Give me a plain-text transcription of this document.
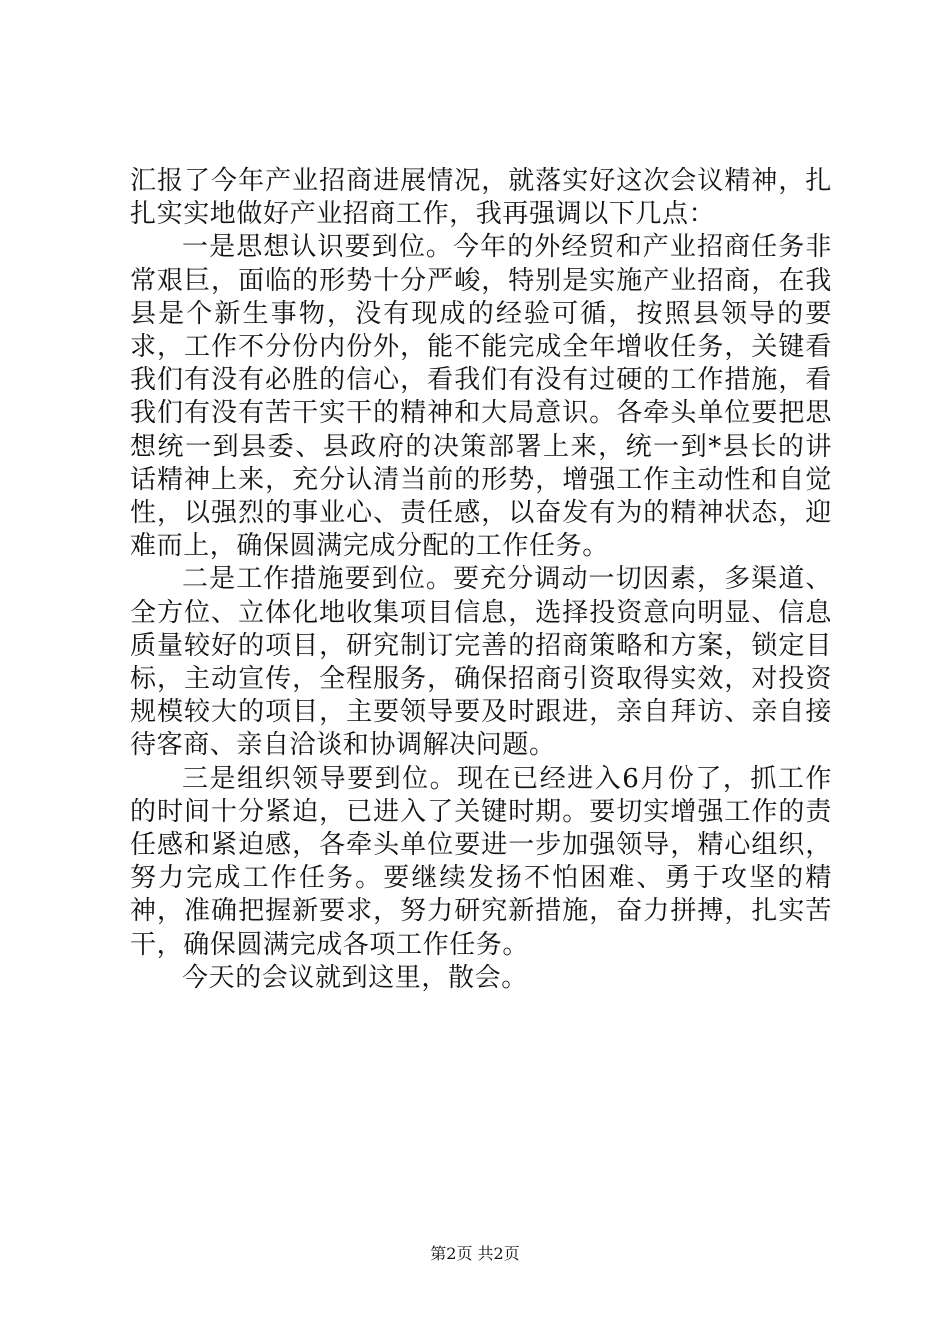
汇报了今年产业招商进展情况，就落实好这次会议精神，扎扎实实地做好产业招商工作，我再强调以下几点：

一是思想认识要到位。今年的外经贸和产业招商任务非常艰巨，面临的形势十分严峻，特别是实施产业招商，在我县是个新生事物，没有现成的经验可循，按照县领导的要求，工作不分份内份外，能不能完成全年增收任务，关键看我们有没有必胜的信心，看我们有没有过硬的工作措施，看我们有没有苦干实干的精神和大局意识。各牵头单位要把思想统一到县委、县政府的决策部署上来，统一到*县长的讲话精神上来，充分认清当前的形势，增强工作主动性和自觉性，以强烈的事业心、责任感，以奋发有为的精神状态，迎难而上，确保圆满完成分配的工作任务。

二是工作措施要到位。要充分调动一切因素，多渠道、全方位、立体化地收集项目信息，选择投资意向明显、信息质量较好的项目，研究制订完善的招商策略和方案，锁定目标，主动宣传，全程服务，确保招商引资取得实效，对投资规模较大的项目，主要领导要及时跟进，亲自拜访、亲自接待客商、亲自洽谈和协调解决问题。

三是组织领导要到位。现在已经进入6月份了，抓工作的时间十分紧迫，已进入了关键时期。要切实增强工作的责任感和紧迫感，各牵头单位要进一步加强领导，精心组织，努力完成工作任务。要继续发扬不怕困难、勇于攻坚的精神，准确把握新要求，努力研究新措施，奋力拼搏，扎实苦干，确保圆满完成各项工作任务。

今天的会议就到这里，散会。

第2页 共2页
